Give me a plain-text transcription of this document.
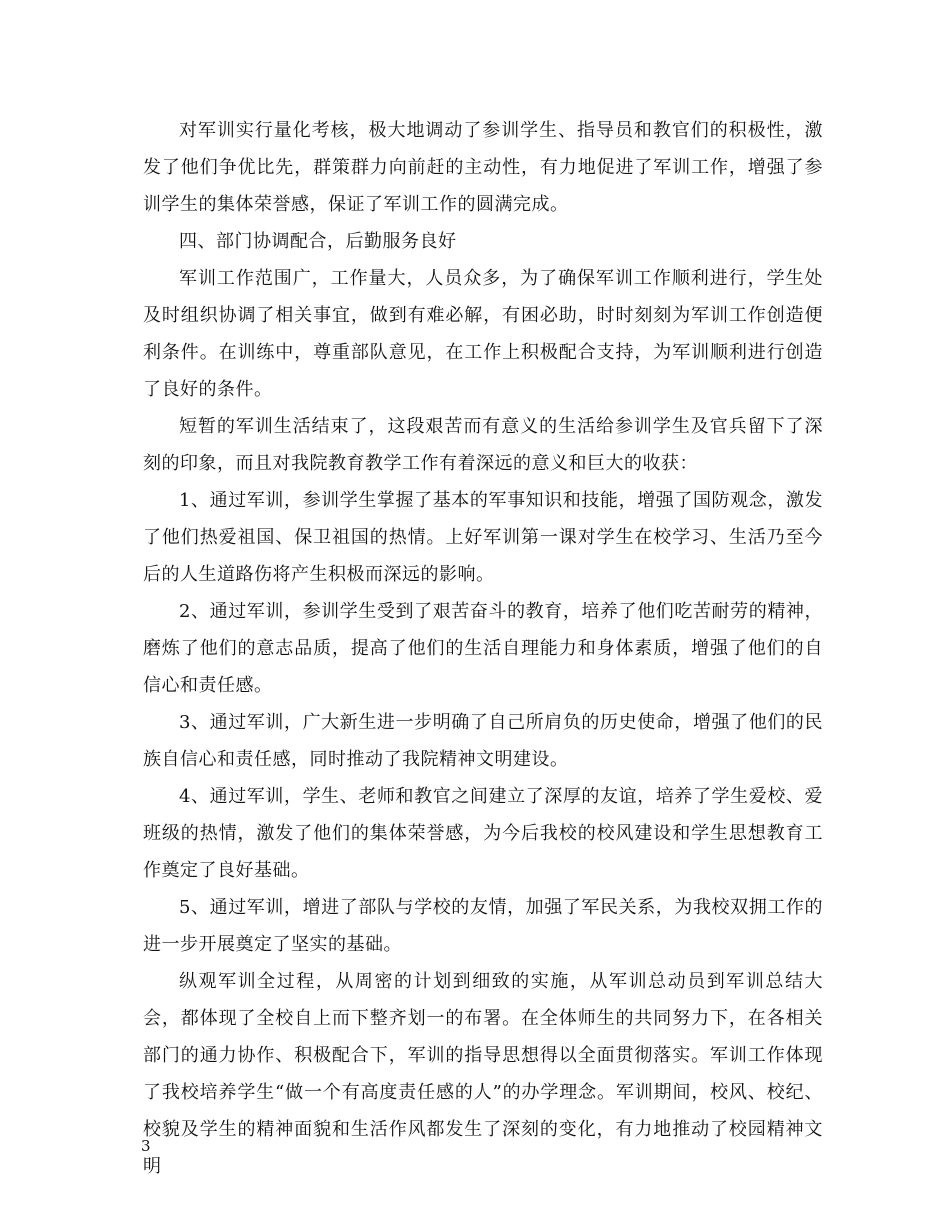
对军训实行量化考核，极大地调动了参训学生、指导员和教官们的积极性，激发了他们争优比先，群策群力向前赶的主动性，有力地促进了军训工作，增强了参训学生的集体荣誉感，保证了军训工作的圆满完成。

四、部门协调配合，后勤服务良好

军训工作范围广，工作量大，人员众多，为了确保军训工作顺利进行，学生处及时组织协调了相关事宜，做到有难必解，有困必助，时时刻刻为军训工作创造便利条件。在训练中，尊重部队意见，在工作上积极配合支持，为军训顺利进行创造了良好的条件。

短暂的军训生活结束了，这段艰苦而有意义的生活给参训学生及官兵留下了深刻的印象，而且对我院教育教学工作有着深远的意义和巨大的收获：

1、通过军训，参训学生掌握了基本的军事知识和技能，增强了国防观念，激发了他们热爱祖国、保卫祖国的热情。上好军训第一课对学生在校学习、生活乃至今后的人生道路伤将产生积极而深远的影响。

2、通过军训，参训学生受到了艰苦奋斗的教育，培养了他们吃苦耐劳的精神，磨炼了他们的意志品质，提高了他们的生活自理能力和身体素质，增强了他们的自信心和责任感。

3、通过军训，广大新生进一步明确了自己所肩负的历史使命，增强了他们的民族自信心和责任感，同时推动了我院精神文明建设。

4、通过军训，学生、老师和教官之间建立了深厚的友谊，培养了学生爱校、爱班级的热情，激发了他们的集体荣誉感，为今后我校的校风建设和学生思想教育工作奠定了良好基础。

5、通过军训，增进了部队与学校的友情，加强了军民关系，为我校双拥工作的进一步开展奠定了坚实的基础。

纵观军训全过程，从周密的计划到细致的实施，从军训总动员到军训总结大会，都体现了全校自上而下整齐划一的布署。在全体师生的共同努力下，在各相关部门的通力协作、积极配合下，军训的指导思想得以全面贯彻落实。军训工作体现了我校培养学生“做一个有高度责任感的人”的办学理念。军训期间，校风、校纪、校貌及学生的精神面貌和生活作风都发生了深刻的变化，有力地推动了校园精神文明

3
